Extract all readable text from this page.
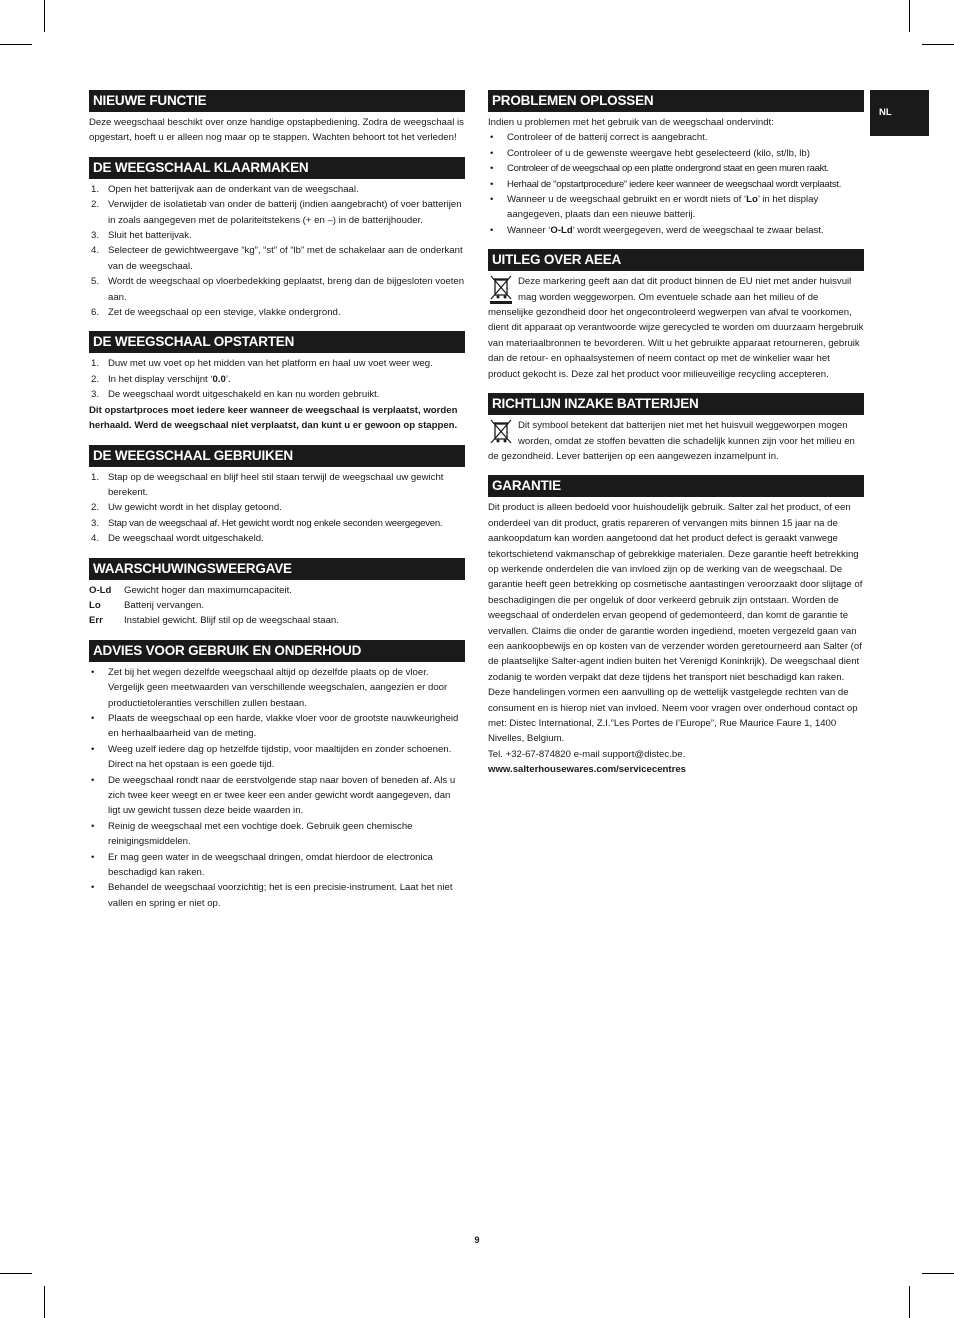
NL
NIEUWE FUNCTIE

Deze weegschaal beschikt over onze handige opstapbediening. Zodra de weegschaal is opgestart, hoeft u er alleen nog maar op te stappen. Wachten behoort tot het verleden!

DE WEEGSCHAAL KLAARMAKEN
1. Open het batterijvak aan de onderkant van de weegschaal.
2. Verwijder de isolatietab van onder de batterij (indien aangebracht) of voer batterijen in zoals aangegeven met de polariteitstekens (+ en –) in de batterijhouder.
3. Sluit het batterijvak.
4. Selecteer de gewichtweergave “kg”, “st” of “lb” met de schakelaar aan de onderkant van de weegschaal.
5. Wordt de weegschaal op vloerbedekking geplaatst, breng dan de bijgesloten voeten aan.
6. Zet de weegschaal op een stevige, vlakke ondergrond.
DE WEEGSCHAAL OPSTARTEN
1. Duw met uw voet op het midden van het platform en haal uw voet weer weg.
2. In het display verschijnt ‘0.0’.
3. De weegschaal wordt uitgeschakeld en kan nu worden gebruikt.

Dit opstartproces moet iedere keer wanneer de weegschaal is verplaatst, worden herhaald. Werd de weegschaal niet verplaatst, dan kunt u er gewoon op stappen.

DE WEEGSCHAAL GEBRUIKEN
1. Stap op de weegschaal en blijf heel stil staan terwijl de weegschaal uw gewicht berekent.
2. Uw gewicht wordt in het display getoond.
3. Stap van de weegschaal af. Het gewicht wordt nog enkele seconden weergegeven.
4. De weegschaal wordt uitgeschakeld.
WAARSCHUWINGSWEERGAVE
O-Ld	Gewicht hoger dan maximumcapaciteit.
Lo	Batterij vervangen.
Err	Instabiel gewicht. Blijf stil op de weegschaal staan.
ADVIES VOOR GEBRUIK EN ONDERHOUD
• Zet bij het wegen dezelfde weegschaal altijd op dezelfde plaats op de vloer. Vergelijk geen meetwaarden van verschillende weegschalen, aangezien er door productietoleranties verschillen zullen bestaan.
• Plaats de weegschaal op een harde, vlakke vloer voor de grootste nauwkeurigheid en herhaalbaarheid van de meting.
• Weeg uzelf iedere dag op hetzelfde tijdstip, voor maaltijden en zonder schoenen. Direct na het opstaan is een goede tijd.
• De weegschaal rondt naar de eerstvolgende stap naar boven of beneden af. Als u zich twee keer weegt en er twee keer een ander gewicht wordt aangegeven, dan ligt uw gewicht tussen deze beide waarden in.
• Reinig de weegschaal met een vochtige doek. Gebruik geen chemische reinigingsmiddelen.
• Er mag geen water in de weegschaal dringen, omdat hierdoor de electronica beschadigd kan raken.
• Behandel de weegschaal voorzichtig; het is een precisie-instrument. Laat het niet vallen en spring er niet op.
PROBLEMEN OPLOSSEN

Indien u problemen met het gebruik van de weegschaal ondervindt:

• Controleer of de batterij correct is aangebracht.
• Controleer of u de gewenste weergave hebt geselecteerd (kilo, st/lb, lb)
• Controleer of de weegschaal op een platte ondergrond staat en geen muren raakt.
• Herhaal de “opstartprocedure” iedere keer wanneer de weegschaal wordt verplaatst.
• Wanneer u de weegschaal gebruikt en er wordt niets of ‘Lo’ in het display aangegeven, plaats dan een nieuwe batterij.
• Wanneer ‘O-Ld’ wordt weergegeven, werd de weegschaal te zwaar belast.
UITLEG OVER AEEA

Deze markering geeft aan dat dit product binnen de EU niet met ander huisvuil mag worden weggeworpen. Om eventuele schade aan het milieu of de menselijke gezondheid door het ongecontroleerd wegwerpen van afval te voorkomen, dient dit apparaat op verantwoorde wijze gerecycled te worden om duurzaam hergebruik van materiaalbronnen te bevorderen. Wilt u het gebruikte apparaat retourneren, gebruik dan de retour- en ophaalsystemen of neem contact op met de winkelier waar het product gekocht is. Deze zal het product voor milieuveilige recycling accepteren.

RICHTLIJN INZAKE BATTERIJEN

Dit symbool betekent dat batterijen niet met het huisvuil weggeworpen mogen worden, omdat ze stoffen bevatten die schadelijk kunnen zijn voor het milieu en de gezondheid. Lever batterijen op een aangewezen inzamelpunt in.

GARANTIE

Dit product is alleen bedoeld voor huishoudelijk gebruik. Salter zal het product, of een onderdeel van dit product, gratis repareren of vervangen mits binnen 15 jaar na de aankoopdatum kan worden aangetoond dat het product defect is geraakt vanwege tekortschietend vakmanschap of gebrekkige materialen. Deze garantie heeft betrekking op werkende onderdelen die van invloed zijn op de werking van de weegschaal. De garantie heeft geen betrekking op cosmetische aantastingen veroorzaakt door slijtage of beschadigingen die per ongeluk of door verkeerd gebruik zijn ontstaan. Worden de weegschaal of onderdelen ervan geopend of gedemonteerd, dan komt de garantie te vervallen. Claims die onder de garantie worden ingediend, moeten vergezeld gaan van een aankoopbewijs en op kosten van de verzender worden geretourneerd aan Salter (of de plaatselijke Salter-agent indien buiten het Verenigd Koninkrijk). De weegschaal dient zodanig te worden verpakt dat deze tijdens het transport niet beschadigd kan raken. Deze handelingen vormen een aanvulling op de wettelijk vastgelegde rechten van de consument en is hierop niet van invloed. Neem voor vragen over onderhoud contact op met: Distec International, Z.I.”Les Portes de l’Europe”, Rue Maurice Faure 1, 1400 Nivelles, Belgium.

Tel. +32-67-874820 e-mail support@distec.be.

www.salterhousewares.com/servicecentres

9
